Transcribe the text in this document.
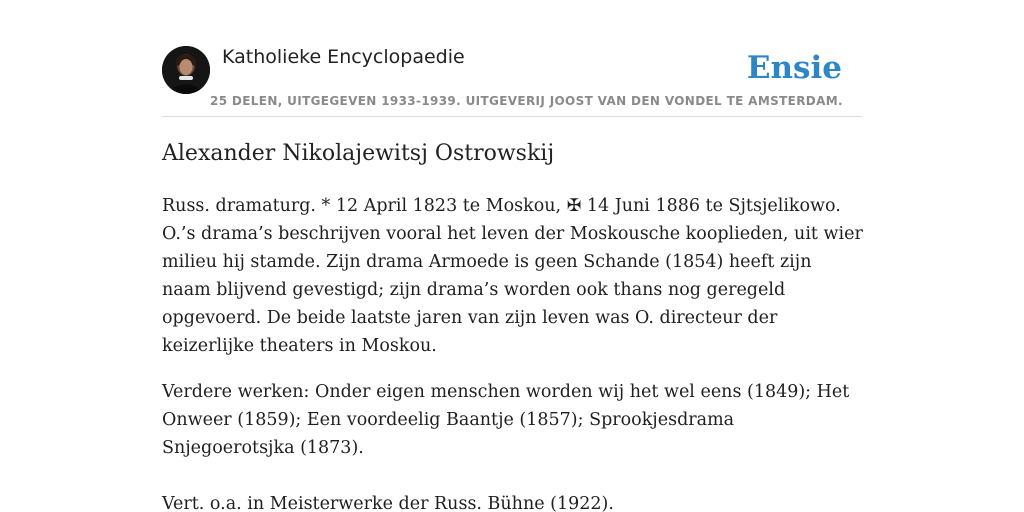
Katholieke Encyclopaedie
25 DELEN, UITGEGEVEN 1933-1939. UITGEVERIJ JOOST VAN DEN VONDEL TE AMSTERDAM.
Ensie
Alexander Nikolajewitsj Ostrowskij

Russ. dramaturg. * 12 April 1823 te Moskou, ✠ 14 Juni 1886 te Sjtsjelikowo. O.’s drama’s beschrijven vooral het leven der Moskousche kooplieden, uit wier milieu hij stamde. Zijn drama Armoede is geen Schande (1854) heeft zijn naam blijvend gevestigd; zijn drama’s worden ook thans nog geregeld opgevoerd. De beide laatste jaren van zijn leven was O. directeur der keizerlijke theaters in Moskou.

Verdere werken: Onder eigen menschen worden wij het wel eens (1849); Het Onweer (1859); Een voordeelig Baantje (1857); Sprookjesdrama Snjegoerotsjka (1873).

Vert. o.a. in Meisterwerke der Russ. Bühne (1922).
